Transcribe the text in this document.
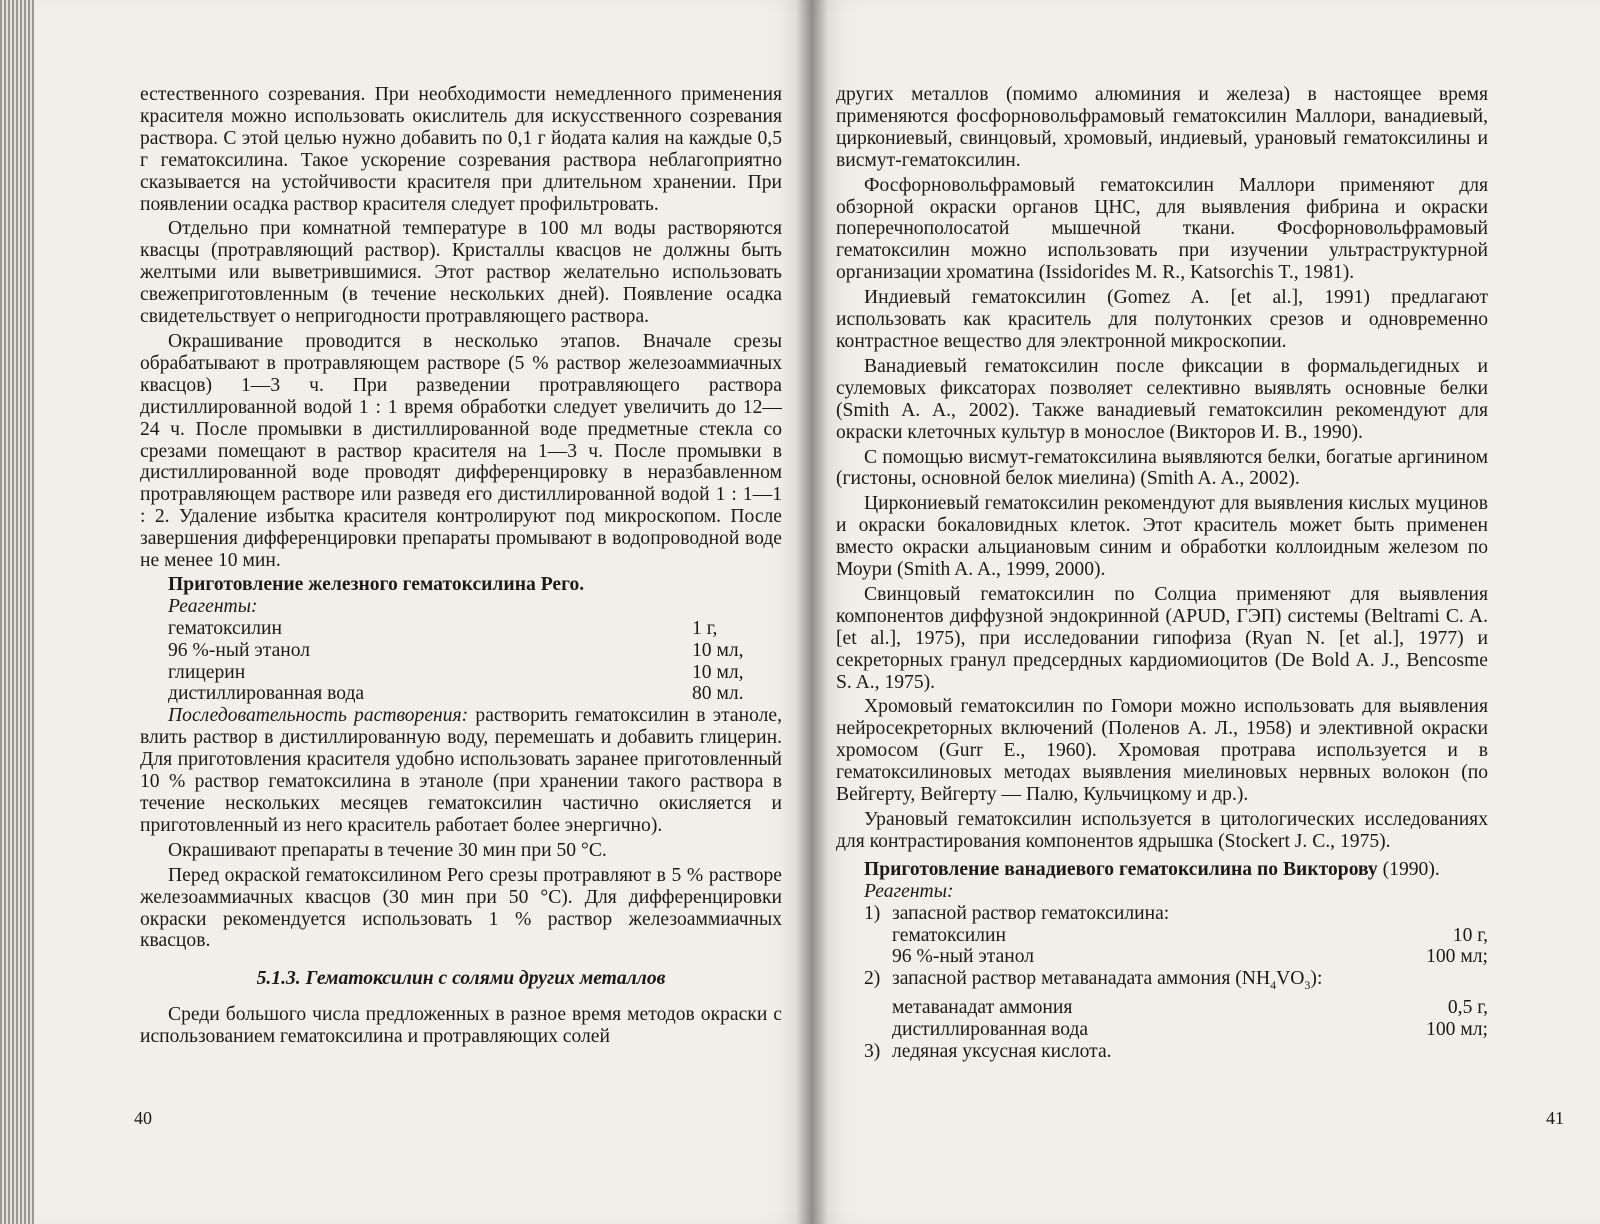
естественного созревания. При необходимости немедленного применения красителя можно использовать окислитель для искусственного созревания раствора. С этой целью нужно добавить по 0,1 г йодата калия на каждые 0,5 г гематоксилина. Такое ускорение созревания раствора неблагоприятно сказывается на устойчивости красителя при длительном хранении. При появлении осадка раствор красителя следует профильтровать.

Отдельно при комнатной температуре в 100 мл воды растворяются квасцы (протравляющий раствор). Кристаллы квасцов не должны быть желтыми или выветрившимися. Этот раствор желательно использовать свежеприготовленным (в течение нескольких дней). Появление осадка свидетельствует о непригодности протравляющего раствора.

Окрашивание проводится в несколько этапов. Вначале срезы обрабатывают в протравляющем растворе (5 % раствор железоаммиачных квасцов) 1—3 ч. При разведении протравляющего раствора дистиллированной водой 1 : 1 время обработки следует увеличить до 12—24 ч. После промывки в дистиллированной воде предметные стекла со срезами помещают в раствор красителя на 1—3 ч. После промывки в дистиллированной воде проводят дифференцировку в неразбавленном протравляющем растворе или разведя его дистиллированной водой 1 : 1—1 : 2. Удаление избытка красителя контролируют под микроскопом. После завершения дифференцировки препараты промывают в водопроводной воде не менее 10 мин.

Приготовление железного гематоксилина Рего.
Реагенты:
гематоксилин	1 г,
96 %-ный этанол	10 мл,
глицерин	10 мл,
дистиллированная вода	80 мл.

Последовательность растворения: растворить гематоксилин в этаноле, влить раствор в дистиллированную воду, перемешать и добавить глицерин. Для приготовления красителя удобно использовать заранее приготовленный 10 % раствор гематоксилина в этаноле (при хранении такого раствора в течение нескольких месяцев гематоксилин частично окисляется и приготовленный из него краситель работает более энергично).

Окрашивают препараты в течение 30 мин при 50 °С.

Перед окраской гематоксилином Рего срезы протравляют в 5 % растворе железоаммиачных квасцов (30 мин при 50 °С). Для дифференцировки окраски рекомендуется использовать 1 % раствор железоаммиачных квасцов.

5.1.3. Гематоксилин с солями других металлов

Среди большого числа предложенных в разное время методов окраски с использованием гематоксилина и протравляющих солей

40

других металлов (помимо алюминия и железа) в настоящее время применяются фосфорновольфрамовый гематоксилин Маллори, ванадиевый, циркониевый, свинцовый, хромовый, индиевый, урановый гематоксилины и висмут-гематоксилин.

Фосфорновольфрамовый гематоксилин Маллори применяют для обзорной окраски органов ЦНС, для выявления фибрина и окраски поперечнополосатой мышечной ткани. Фосфорновольфрамовый гематоксилин можно использовать при изучении ультраструктурной организации хроматина (Issidorides M. R., Katsorchis T., 1981).

Индиевый гематоксилин (Gomez A. [et al.], 1991) предлагают использовать как краситель для полутонких срезов и одновременно контрастное вещество для электронной микроскопии.

Ванадиевый гематоксилин после фиксации в формальдегидных и сулемовых фиксаторах позволяет селективно выявлять основные белки (Smith A. A., 2002). Также ванадиевый гематоксилин рекомендуют для окраски клеточных культур в монослое (Викторов И. В., 1990).

С помощью висмут-гематоксилина выявляются белки, богатые аргинином (гистоны, основной белок миелина) (Smith A. A., 2002).

Циркониевый гематоксилин рекомендуют для выявления кислых муцинов и окраски бокаловидных клеток. Этот краситель может быть применен вместо окраски альциановым синим и обработки коллоидным железом по Моури (Smith A. A., 1999, 2000).

Свинцовый гематоксилин по Солциа применяют для выявления компонентов диффузной эндокринной (APUD, ГЭП) системы (Beltrami C. A. [et al.], 1975), при исследовании гипофиза (Ryan N. [et al.], 1977) и секреторных гранул предсердных кардиомиоцитов (De Bold A. J., Bencosme S. A., 1975).

Хромовый гематоксилин по Гомори можно использовать для выявления нейросекреторных включений (Поленов А. Л., 1958) и элективной окраски хромосом (Gurr E., 1960). Хромовая протрава используется и в гематоксилиновых методах выявления миелиновых нервных волокон (по Вейгерту, Вейгерту — Палю, Кульчицкому и др.).

Урановый гематоксилин используется в цитологических исследованиях для контрастирования компонентов ядрышка (Stockert J. C., 1975).

Приготовление ванадиевого гематоксилина по Викторову (1990).
Реагенты:
1) запасной раствор гематоксилина:
гематоксилин	10 г,
96 %-ный этанол	100 мл;
2) запасной раствор метаванадата аммония $(NH_4VO_3)$:
метаванадат аммония	0,5 г,
дистиллированная вода	100 мл;
3) ледяная уксусная кислота.
41
